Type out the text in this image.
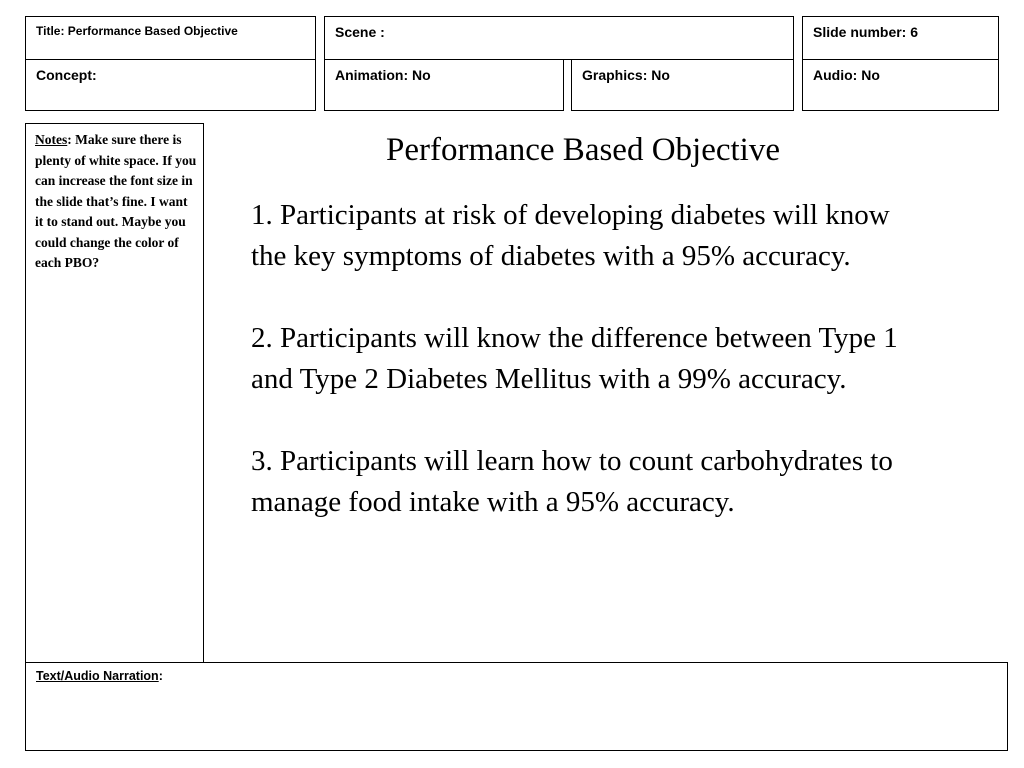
Title: Performance Based Objective	Scene :	Slide number: 6
Concept:	Animation: No	Graphics: No	Audio: No
Notes: Make sure there is plenty of white space. If you can increase the font size in the slide that’s fine. I want it to stand out. Maybe you could change the color of each PBO?
Performance Based Objective
1. Participants at risk of developing diabetes will know the key symptoms of diabetes with a 95% accuracy.
2. Participants will know the difference between Type 1 and Type 2 Diabetes Mellitus with a 99% accuracy.
3. Participants will learn how to count carbohydrates to manage food intake with a 95% accuracy.
Text/Audio Narration:
